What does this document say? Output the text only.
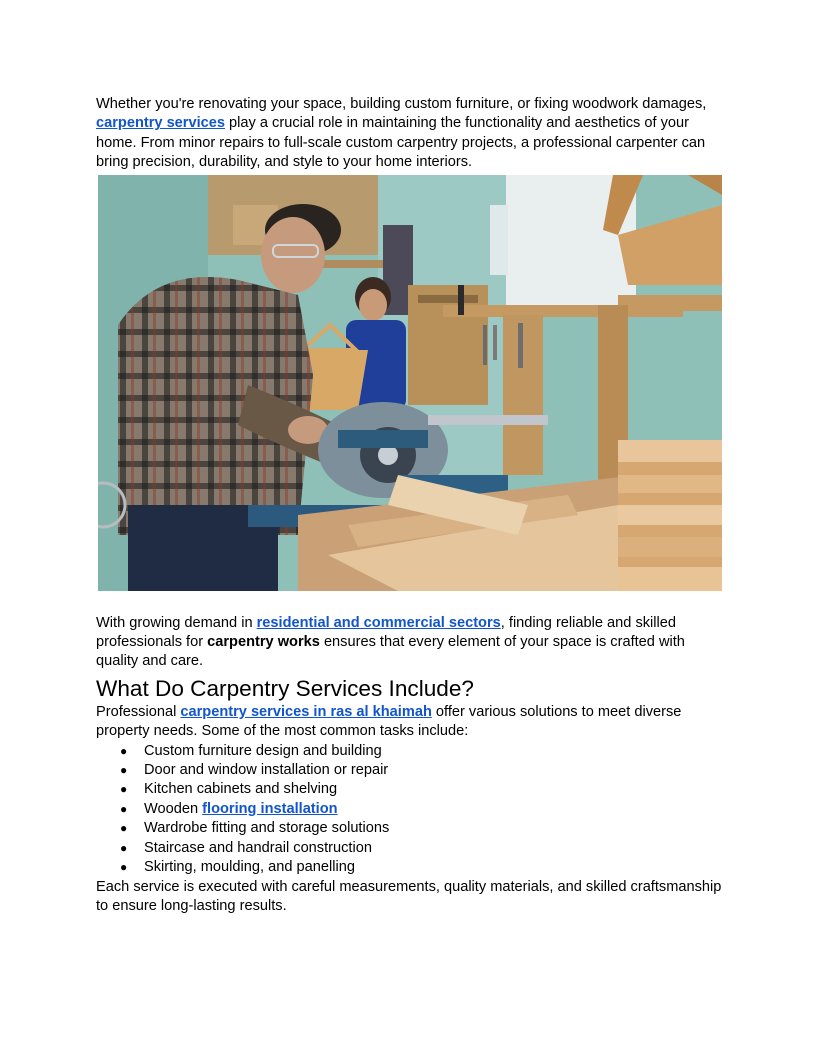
Whether you're renovating your space, building custom furniture, or fixing woodwork damages, carpentry services play a crucial role in maintaining the functionality and aesthetics of your home. From minor repairs to full-scale custom carpentry projects, a professional carpenter can bring precision, durability, and style to your home interiors.

With growing demand in residential and commercial sectors, finding reliable and skilled professionals for carpentry works ensures that every element of your space is crafted with quality and care.

What Do Carpentry Services Include?

Professional carpentry services in ras al khaimah offer various solutions to meet diverse property needs. Some of the most common tasks include:

● Custom furniture design and building
● Door and window installation or repair
● Kitchen cabinets and shelving
● Wooden flooring installation
● Wardrobe fitting and storage solutions
● Staircase and handrail construction
● Skirting, moulding, and panelling

Each service is executed with careful measurements, quality materials, and skilled craftsmanship to ensure long-lasting results.
